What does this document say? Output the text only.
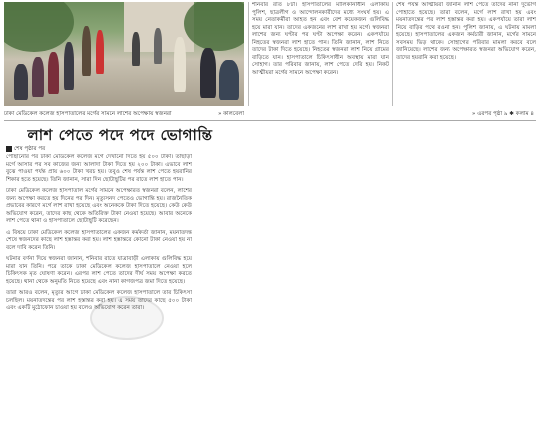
ঢাকা মেডিকেল কলেজ হাসপাতালের মর্গের সামনে লাশের অপেক্ষায় স্বজনরা	» কালবেলা

শনিবার রাত ৮টা। হাসপাতালের মালিকানাধীন এলাকায় পুলিশ, ছাত্রলীগ ও আন্দোলনকারীদের মধ্যে সংঘর্ষ হয়। এ সময় নেতাকর্মীরা আহত হন এবং বেশ কয়েকজন গুলিবিদ্ধ হয়ে মারা যান। তাদের একজনের লাশ রাখা হয় মর্গে। স্বজনরা লাশের জন্য ঘণ্টার পর ঘণ্টা অপেক্ষা করেন। একপর্যায়ে নিহতের স্বজনরা লাশ হাতে পান। তিনি জানান, লাশ নিতে তাদের টাকা দিতে হয়েছে। নিহতের স্বজনরা লাশ নিয়ে গ্রামের বাড়িতে যান। হাসপাতালে চিকিৎসাধীন অবস্থায় মারা যান সোহাগ। তার পরিবার জানায়, লাশ পেতে দেরি হয়। নিকট আত্মীয়রা মর্গের সামনে অপেক্ষা করেন।

শেষ পর্যন্ত আত্মীয়রা জানান লাশ পেতে তাদের নানা দুর্ভোগ পোহাতে হয়েছে। তারা বলেন, মর্গে লাশ রাখা হয় এবং ময়নাতদন্তের পর লাশ হস্তান্তর করা হয়। একপর্যায়ে তারা লাশ নিয়ে বাড়ির পথে রওনা হন। পুলিশ জানায়, এ ঘটনায় মামলা হয়েছে। হাসপাতালের একজন কর্মচারী জানান, মর্গের সামনে সবসময় ভিড় থাকে। সোহাগের পরিবার মামলা করবে বলে জানিয়েছে। লাশের জন্য অপেক্ষারত স্বজনরা অভিযোগ করেন, তাদের হয়রানি করা হয়েছে।

» এরপর পৃষ্ঠা ৯ ✱ কলাম ৪
লাশ পেতে পদে পদে ভোগান্তি
শেষ পৃষ্ঠার পর

পৌঁছানোর পর ঢাকা মেডিকেল কলেজ মর্গে দেখানো দিতে হয় ৫০০ টাকা। তাছাড়া মর্গে আসার পর সব কাজের জন্য আলাদা টাকা দিতে হয় ২০০ টাকা। এভাবে লাশ বুঝে পাওয়া পর্যন্ত প্রায় ৬০০ টাকা খরচ হয়। তবুও শেষ পর্যন্ত লাশ পেতে হয়রানির শিকার হতে হয়েছে। তিনি জানান, সারা দিন ছোটাছুটির পর রাতে লাশ হাতে পান।

ঢাকা মেডিকেল কলেজ হাসপাতাল মর্গের সামনে অপেক্ষারত স্বজনরা বলেন, লাশের জন্য অপেক্ষা করতে হয় দিনের পর দিন। মৃত্যুসনদ পেতেও ভোগান্তি হয়। রাজনৈতিক প্রভাবের কারণে মর্গে লাশ রাখা হয়েছে এবং অনেককে টাকা দিতে হয়েছে। কেউ কেউ অভিযোগ করেন, তাদের কাছ থেকে অতিরিক্ত টাকা নেওয়া হয়েছে। আবার অনেকে লাশ পেতে থানা ও হাসপাতালে ছোটাছুটি করেছেন।

এ বিষয়ে ঢাকা মেডিকেল কলেজ হাসপাতালের একজন কর্মকর্তা জানান, ময়নাতদন্ত শেষে স্বজনদের কাছে লাশ হস্তান্তর করা হয়। লাশ হস্তান্তরে কোনো টাকা নেওয়া হয় না বলে দাবি করেন তিনি।

ঘটনার বর্ণনা দিয়ে স্বজনরা জানান, শনিবার রাতে যাত্রাবাড়ী এলাকায় গুলিবিদ্ধ হয়ে মারা যান তিনি। পরে তাকে ঢাকা মেডিকেল কলেজ হাসপাতালে নেওয়া হলে চিকিৎসক মৃত ঘোষণা করেন। এরপর লাশ পেতে তাদের দীর্ঘ সময় অপেক্ষা করতে হয়েছে। থানা থেকে অনুমতি নিতে হয়েছে এবং নানা কাগজপত্র জমা দিতে হয়েছে।

তারা আরও বলেন, মৃত্যুর আগে ঢাকা মেডিকেল কলেজ হাসপাতালে তার চিকিৎসা চলছিল। ময়নাতদন্তের পর লাশ হস্তান্তর করা হয়। এ সময় তাদের কাছে ৫০০ টাকা এবং একটি মুঠোফোন চাওয়া হয় বলেও অভিযোগ করেন তারা।
